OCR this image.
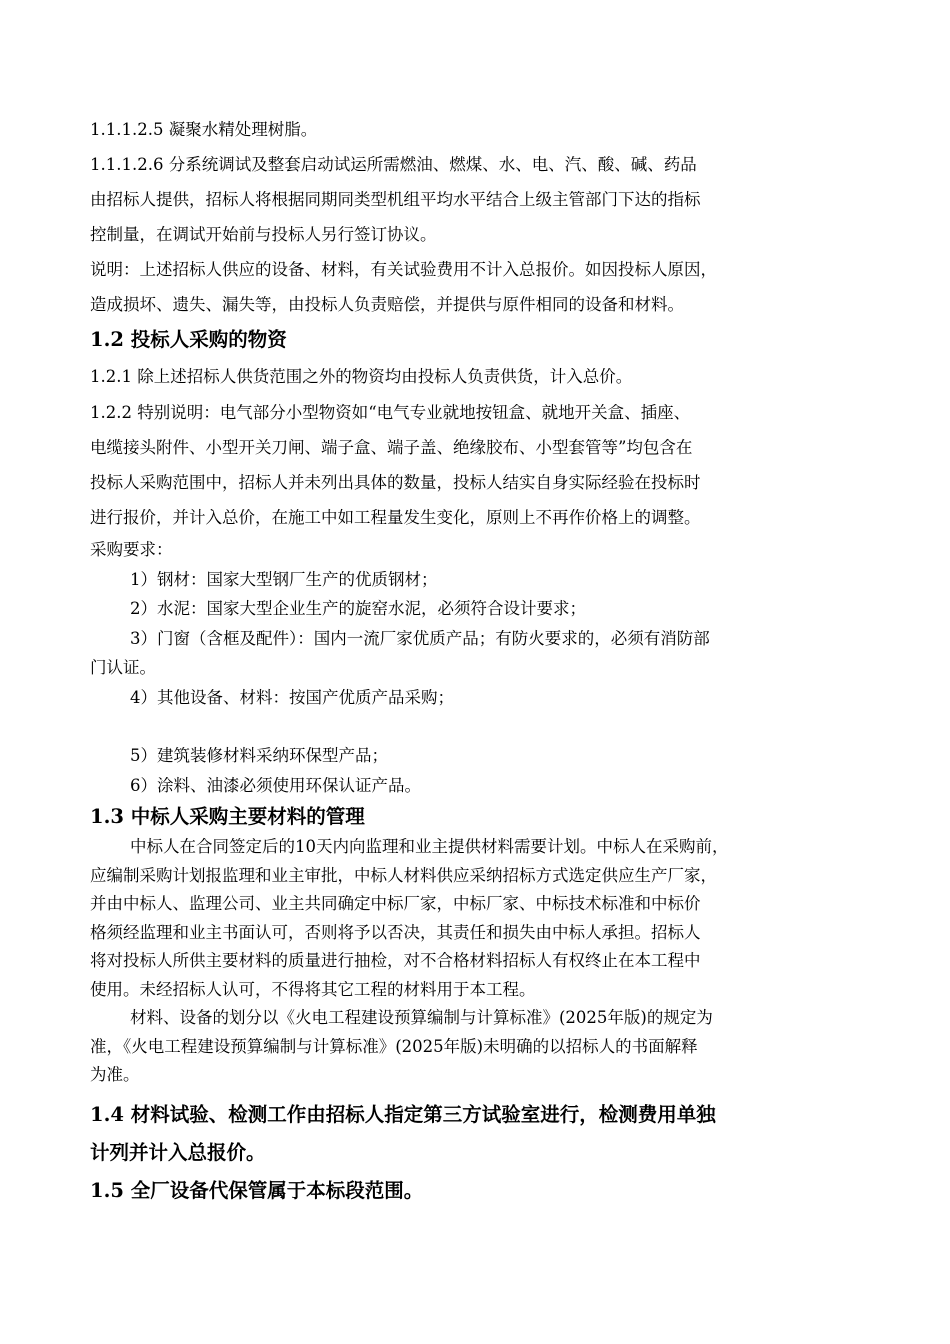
1.1.1.2.5 凝聚水精处理树脂。

1.1.1.2.6 分系统调试及整套启动试运所需燃油、燃煤、水、电、汽、酸、碱、药品

由招标人提供，招标人将根据同期同类型机组平均水平结合上级主管部门下达的指标

控制量，在调试开始前与投标人另行签订协议。

说明：上述招标人供应的设备、材料，有关试验费用不计入总报价。如因投标人原因，

造成损坏、遗失、漏失等，由投标人负责赔偿，并提供与原件相同的设备和材料。

1.2 投标人采购的物资

1.2.1 除上述招标人供货范围之外的物资均由投标人负责供货，计入总价。

1.2.2 特别说明：电气部分小型物资如“电气专业就地按钮盒、就地开关盒、插座、

电缆接头附件、小型开关刀闸、端子盒、端子盖、绝缘胶布、小型套管等”均包含在

投标人采购范围中，招标人并未列出具体的数量，投标人结实自身实际经验在投标时

进行报价，并计入总价，在施工中如工程量发生变化，原则上不再作价格上的调整。

采购要求：

1）钢材：国家大型钢厂生产的优质钢材；

2）水泥：国家大型企业生产的旋窑水泥，必须符合设计要求；

3）门窗（含框及配件）：国内一流厂家优质产品；有防火要求的，必须有消防部

门认证。

4）其他设备、材料：按国产优质产品采购；

5）建筑装修材料采纳环保型产品；

6）涂料、油漆必须使用环保认证产品。

1.3 中标人采购主要材料的管理

中标人在合同签定后的10天内向监理和业主提供材料需要计划。中标人在采购前，

应编制采购计划报监理和业主审批，中标人材料供应采纳招标方式选定供应生产厂家，

并由中标人、监理公司、业主共同确定中标厂家，中标厂家、中标技术标准和中标价

格须经监理和业主书面认可，否则将予以否决，其责任和损失由中标人承担。招标人

将对投标人所供主要材料的质量进行抽检，对不合格材料招标人有权终止在本工程中

使用。未经招标人认可，不得将其它工程的材料用于本工程。

材料、设备的划分以《火电工程建设预算编制与计算标准》(2025年版)的规定为

准，《火电工程建设预算编制与计算标准》(2025年版)未明确的以招标人的书面解释

为准。

1.4 材料试验、检测工作由招标人指定第三方试验室进行，检测费用单独

计列并计入总报价。

1.5 全厂设备代保管属于本标段范围。
